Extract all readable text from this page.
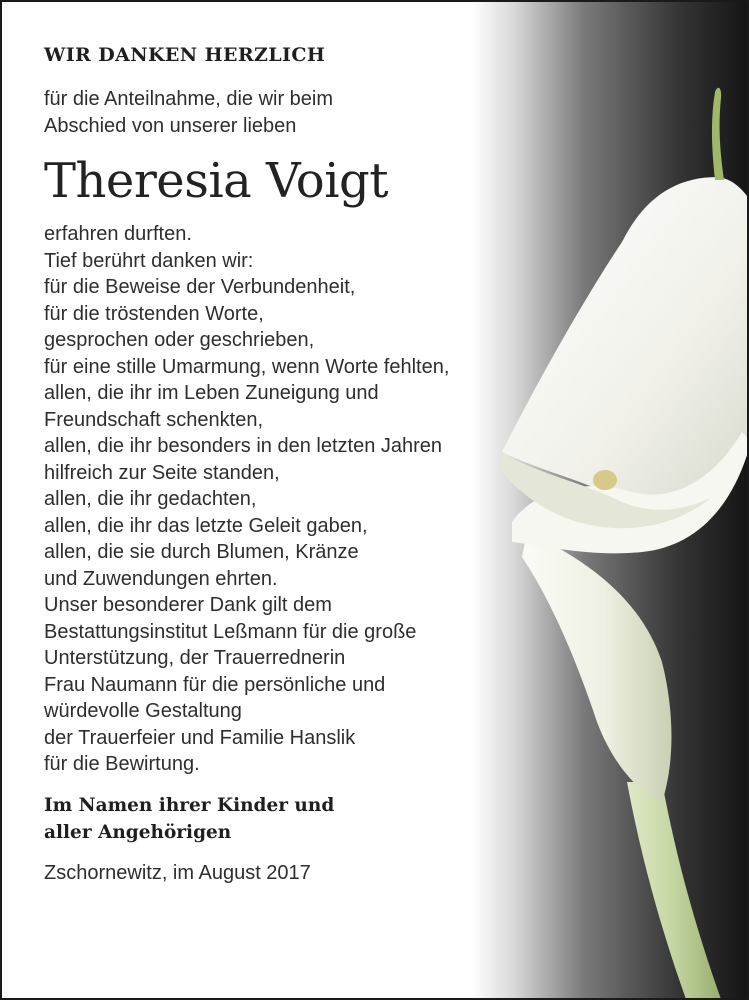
WIR DANKEN HERZLICH
für die Anteilnahme, die wir beim
Abschied von unserer lieben
Theresia Voigt
erfahren durften.
Tief berührt danken wir:
für die Beweise der Verbundenheit,
für die tröstenden Worte,
gesprochen oder geschrieben,
für eine stille Umarmung, wenn Worte fehlten,
allen, die ihr im Leben Zuneigung und
Freundschaft schenkten,
allen, die ihr besonders in den letzten Jahren
hilfreich zur Seite standen,
allen, die ihr gedachten,
allen, die ihr das letzte Geleit gaben,
allen, die sie durch Blumen, Kränze
und Zuwendungen ehrten.
Unser besonderer Dank gilt dem
Bestattungsinstitut Leßmann für die große
Unterstützung, der Trauerrednerin
Frau Naumann für die persönliche und
würdevolle Gestaltung
der Trauerfeier und Familie Hanslik
für die Bewirtung.
Im Namen ihrer Kinder und
aller Angehörigen
Zschornewitz, im August 2017
